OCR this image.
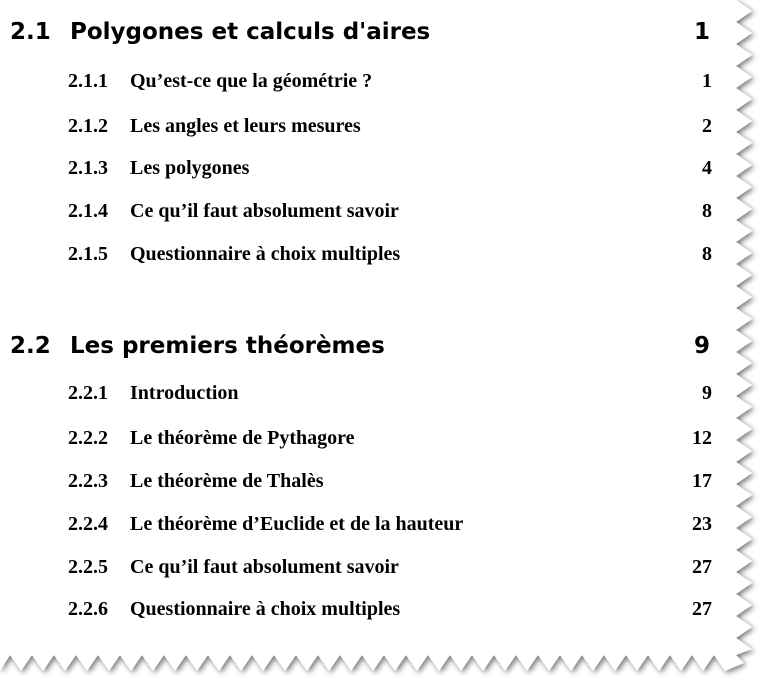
2.1 Polygones et calculs d'aires	1
2.1.1 Qu’est-ce que la géométrie ?	1
2.1.2 Les angles et leurs mesures	2
2.1.3 Les polygones	4
2.1.4 Ce qu’il faut absolument savoir	8
2.1.5 Questionnaire à choix multiples	8
2.2 Les premiers théorèmes	9
2.2.1 Introduction	9
2.2.2 Le théorème de Pythagore	12
2.2.3 Le théorème de Thalès	17
2.2.4 Le théorème d’Euclide et de la hauteur	23
2.2.5 Ce qu’il faut absolument savoir	27
2.2.6 Questionnaire à choix multiples	27
